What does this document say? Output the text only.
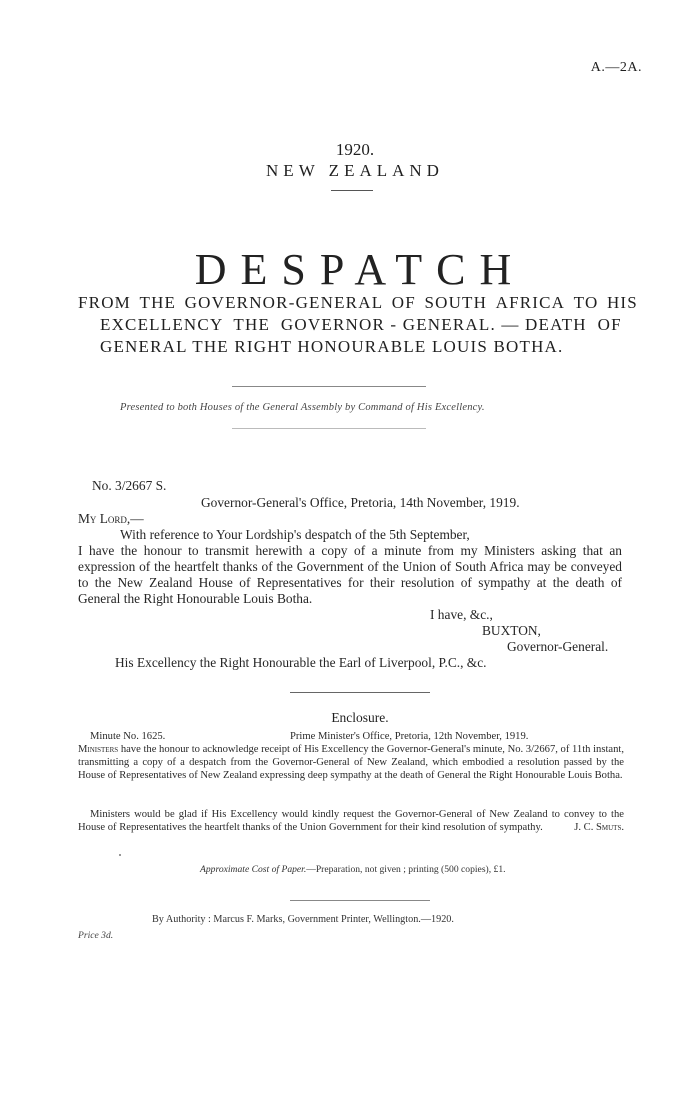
A.—2A.
1920.
NEW ZEALAND
DESPATCH
FROM THE GOVERNOR-GENERAL OF SOUTH AFRICA TO HIS
EXCELLENCY  THE  GOVERNOR - GENERAL. — DEATH  OF
GENERAL THE RIGHT HONOURABLE LOUIS BOTHA.
Presented to both Houses of the General Assembly by Command of His Excellency.
No. 3/2667 S.
Governor-General's Office, Pretoria, 14th November, 1919.
My Lord,—
With reference to Your Lordship's despatch of the 5th September,
I have the honour to transmit herewith a copy of a minute from my Ministers asking that an expression of the heartfelt thanks of the Government of the Union of South Africa may be conveyed to the New Zealand House of Representatives for their resolution of sympathy at the death of General the Right Honourable Louis Botha.
I have, &c.,
BUXTON,
Governor-General.
His Excellency the Right Honourable the Earl of Liverpool, P.C., &c.
Enclosure.
Minute No. 1625.	Prime Minister's Office, Pretoria, 12th November, 1919.
Ministers have the honour to acknowledge receipt of His Excellency the Governor-General's minute, No. 3/2667, of 11th instant, transmitting a copy of a despatch from the Governor-General of New Zealand, which embodied a resolution passed by the House of Representatives of New Zealand expressing deep sympathy at the death of General the Right Honourable Louis Botha.
Ministers would be glad if His Excellency would kindly request the Governor-General of New Zealand to convey to the House of Representatives the heartfelt thanks of the Union Government for their kind resolution of sympathy.	J. C. Smuts.
Approximate Cost of Paper.—Preparation, not given ; printing (500 copies), £1.
By Authority : Marcus F. Marks, Government Printer, Wellington.—1920.
Price 3d.
